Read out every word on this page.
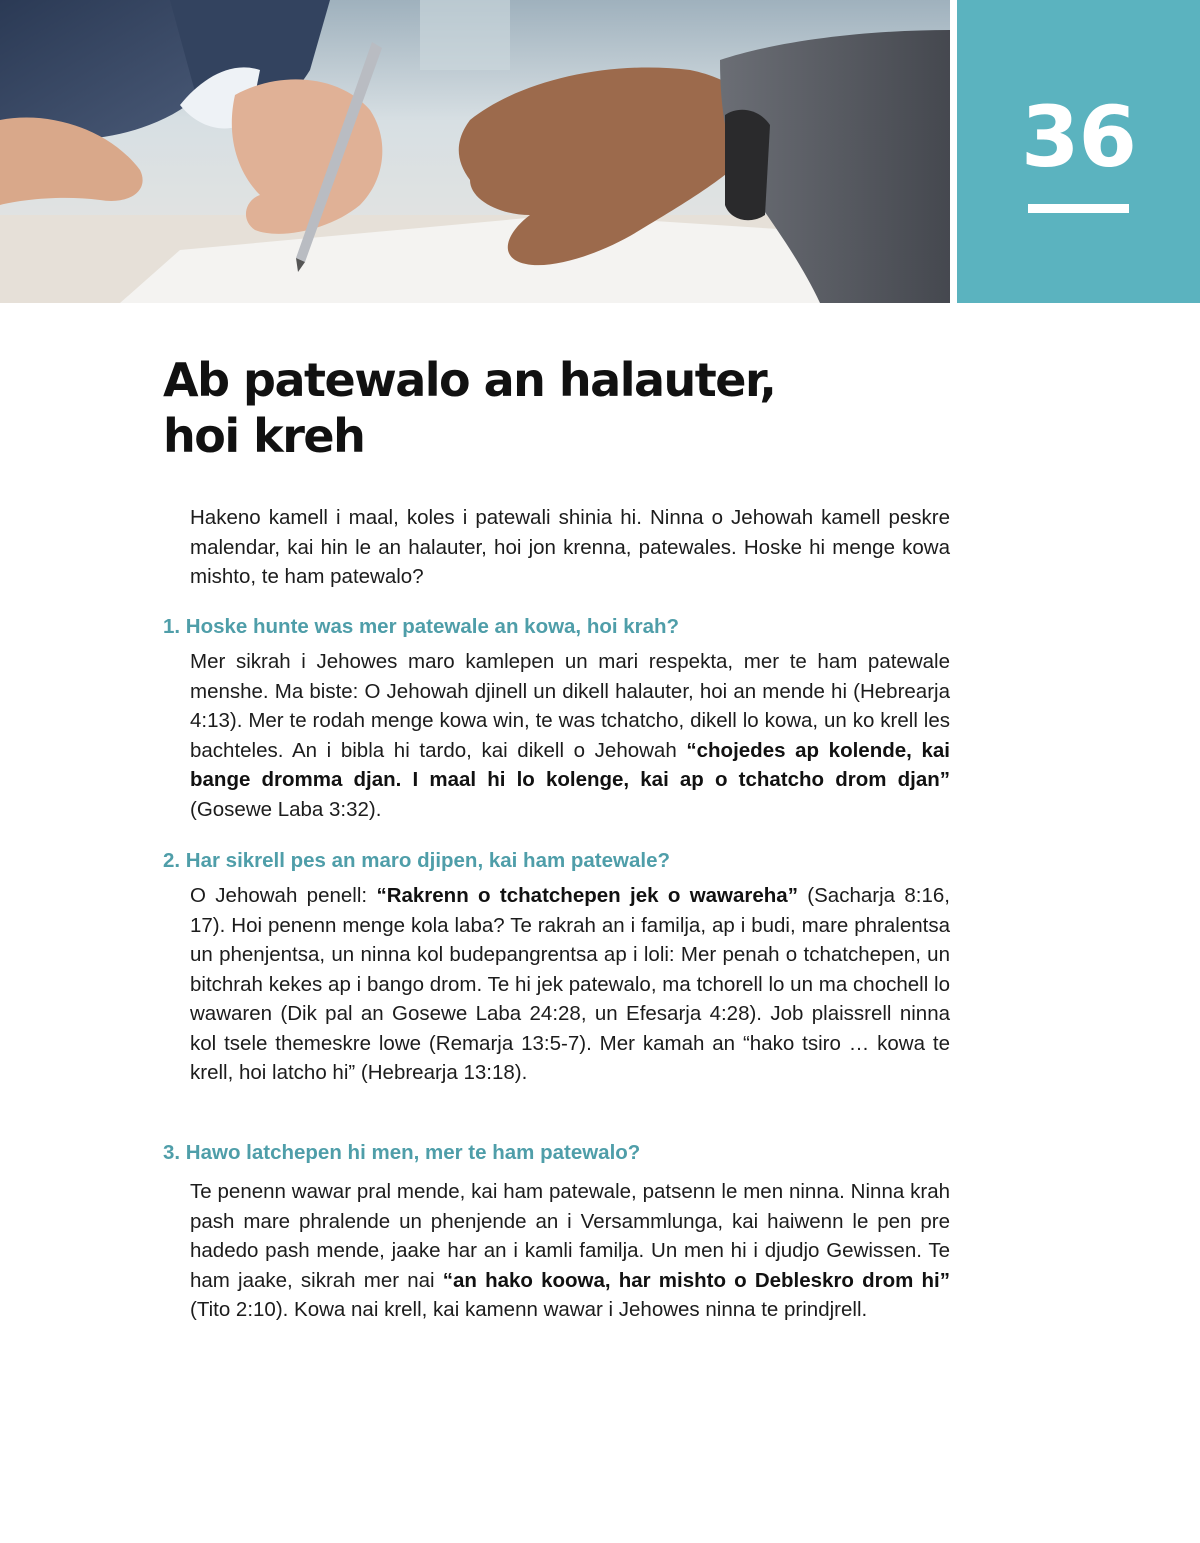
36
Ab patewalo an halauter,
hoi kreh

Hakeno kamell i maal, koles i patewali shinia hi. Ninna o Jehowah kamell peskre malendar, kai hin le an halauter, hoi jon krenna, patewales. Hoske hi menge kowa mishto, te ham patewalo?

1. Hoske hunte was mer patewale an kowa, hoi krah?

Mer sikrah i Jehowes maro kamlepen un mari respekta, mer te ham patewale menshe. Ma biste: O Jehowah djinell un dikell halauter, hoi an mende hi (Hebrearja 4:13). Mer te rodah menge kowa win, te was tchatcho, dikell lo kowa, un ko krell les bachteles. An i bibla hi tardo, kai dikell o Jehowah “chojedes ap kolende, kai bange dromma djan. I maal hi lo kolenge, kai ap o tchatcho drom djan” (Gosewe Laba 3:32).

2. Har sikrell pes an maro djipen, kai ham patewale?

O Jehowah penell: “Rakrenn o tchatchepen jek o wawareha” (Sacharja 8:16, 17). Hoi penenn menge kola laba? Te rakrah an i familja, ap i budi, mare phralentsa un phenjentsa, un ninna kol budepangrentsa ap i loli: Mer penah o tchatchepen, un bitchrah kekes ap i bango drom. Te hi jek patewalo, ma tchorell lo un ma chochell lo wawaren (Dik pal an Gosewe Laba 24:28, un Efesarja 4:28). Job plaissrell ninna kol tsele themeskre lowe (Remarja 13:5-7). Mer kamah an “hako tsiro … kowa te krell, hoi latcho hi” (Hebrearja 13:18).

3. Hawo latchepen hi men, mer te ham patewalo?

Te penenn wawar pral mende, kai ham patewale, patsenn le men ninna. Ninna krah pash mare phralende un phenjende an i Versammlunga, kai haiwenn le pen pre hadedo pash mende, jaake har an i kamli familja. Un men hi i djudjo Gewissen. Te ham jaake, sikrah mer nai “an hako koowa, har mishto o Debleskro drom hi” (Tito 2:10). Kowa nai krell, kai kamenn wawar i Jehowes ninna te prindjrell.
